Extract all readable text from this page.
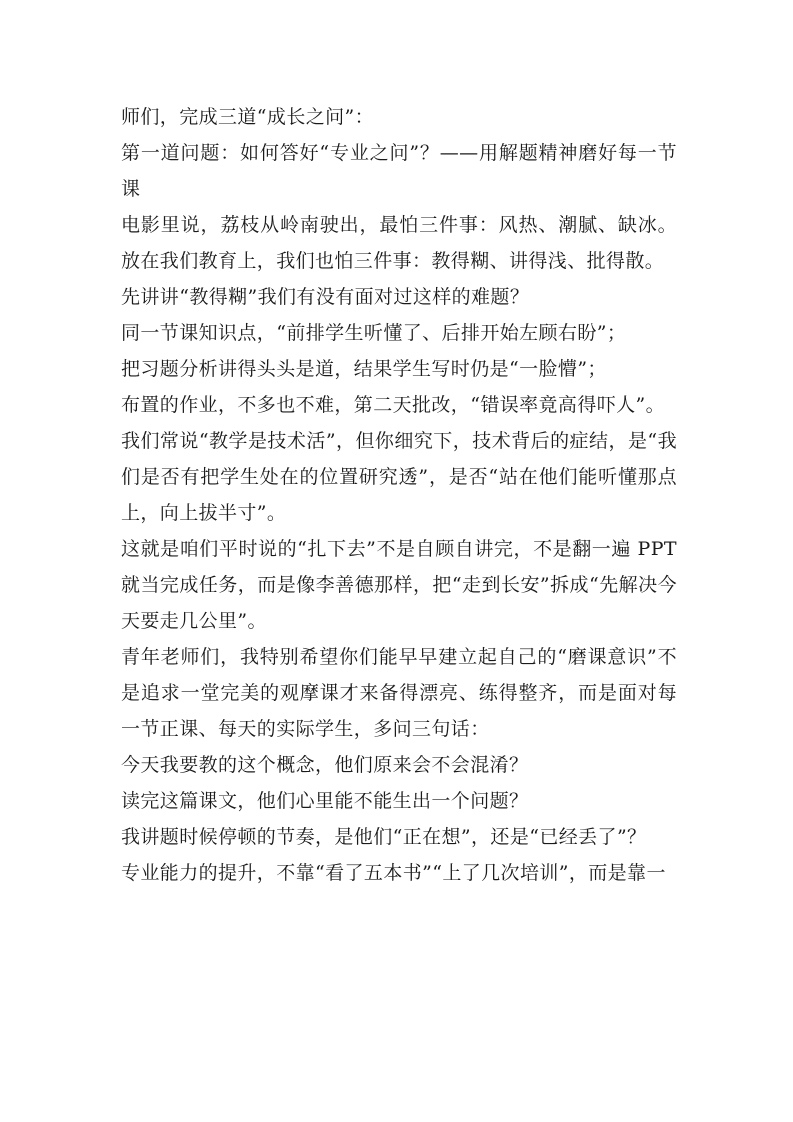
师们，完成三道“成长之问”：

第一道问题：如何答好“专业之问”？——用解题精神磨好每一节课

电影里说，荔枝从岭南驶出，最怕三件事：风热、潮腻、缺冰。放在我们教育上，我们也怕三件事：教得糊、讲得浅、批得散。

先讲讲“教得糊”我们有没有面对过这样的难题？

同一节课知识点，“前排学生听懂了、后排开始左顾右盼”；

把习题分析讲得头头是道，结果学生写时仍是“一脸懵”；

布置的作业，不多也不难，第二天批改，“错误率竟高得吓人”。

我们常说“教学是技术活”，但你细究下，技术背后的症结，是“我们是否有把学生处在的位置研究透”，是否“站在他们能听懂那点上，向上拔半寸”。

这就是咱们平时说的“扎下去”不是自顾自讲完，不是翻一遍 PPT 就当完成任务，而是像李善德那样，把“走到长安”拆成“先解决今天要走几公里”。

青年老师们，我特别希望你们能早早建立起自己的“磨课意识”不是追求一堂完美的观摩课才来备得漂亮、练得整齐，而是面对每一节正课、每天的实际学生，多问三句话：

今天我要教的这个概念，他们原来会不会混淆？

读完这篇课文，他们心里能不能生出一个问题？

我讲题时候停顿的节奏，是他们“正在想”，还是“已经丢了”？

专业能力的提升，不靠“看了五本书”“上了几次培训”，而是靠一
